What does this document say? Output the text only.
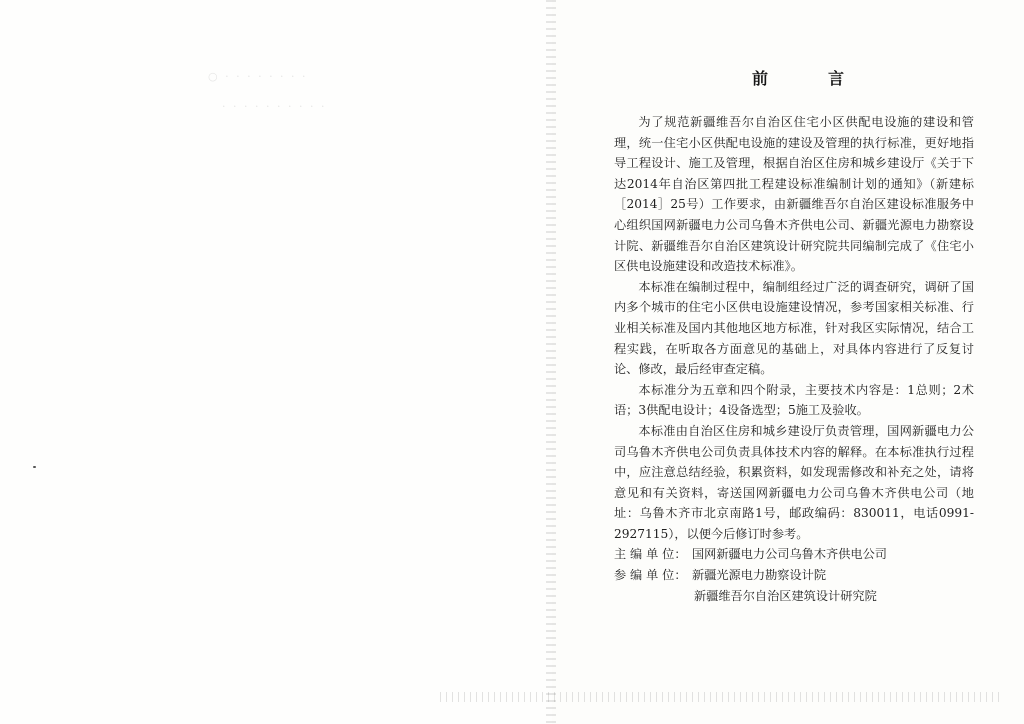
○ · · · · · · · ·
· · · · · · · · · ·
前	言

为了规范新疆维吾尔自治区住宅小区供配电设施的建设和管理，统一住宅小区供配电设施的建设及管理的执行标准，更好地指导工程设计、施工及管理，根据自治区住房和城乡建设厅《关于下达2014年自治区第四批工程建设标准编制计划的通知》（新建标［2014］25号）工作要求，由新疆维吾尔自治区建设标准服务中心组织国网新疆电力公司乌鲁木齐供电公司、新疆光源电力勘察设计院、新疆维吾尔自治区建筑设计研究院共同编制完成了《住宅小区供电设施建设和改造技术标准》。

本标准在编制过程中，编制组经过广泛的调查研究，调研了国内多个城市的住宅小区供电设施建设情况，参考国家相关标准、行业相关标准及国内其他地区地方标准，针对我区实际情况，结合工程实践，在听取各方面意见的基础上，对具体内容进行了反复讨论、修改，最后经审查定稿。

本标准分为五章和四个附录，主要技术内容是：1总则；2术语；3供配电设计；4设备选型；5施工及验收。

本标准由自治区住房和城乡建设厅负责管理，国网新疆电力公司乌鲁木齐供电公司负责具体技术内容的解释。在本标准执行过程中，应注意总结经验，积累资料，如发现需修改和补充之处，请将意见和有关资料，寄送国网新疆电力公司乌鲁木齐供电公司（地址：乌鲁木齐市北京南路1号，邮政编码：830011，电话0991-2927115），以便今后修订时参考。

主 编 单 位： 国网新疆电力公司乌鲁木齐供电公司
参 编 单 位： 新疆光源电力勘察设计院
新疆维吾尔自治区建筑设计研究院
